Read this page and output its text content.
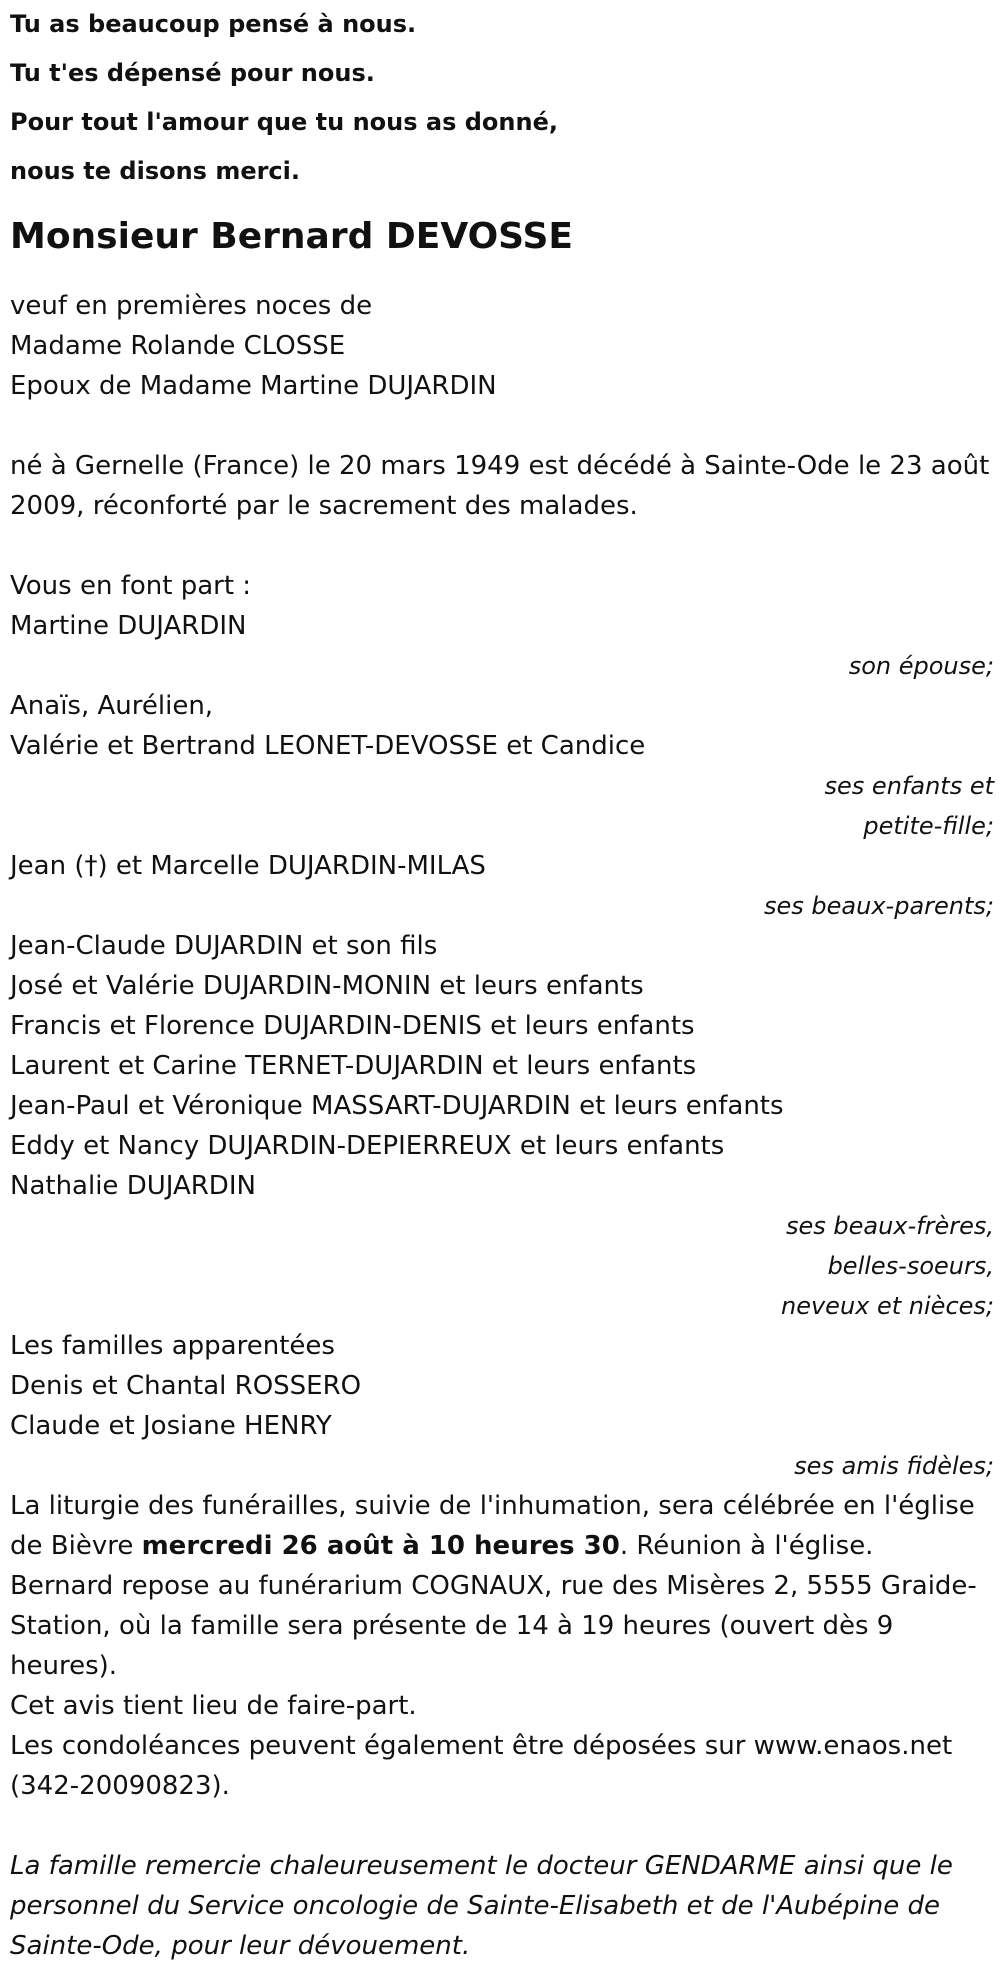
Tu as beaucoup pensé à nous.
Tu t'es dépensé pour nous.
Pour tout l'amour que tu nous as donné,
nous te disons merci.
Monsieur Bernard DEVOSSE
veuf en premières noces de
Madame Rolande CLOSSE
Epoux de Madame Martine DUJARDIN
né à Gernelle (France) le 20 mars 1949 est décédé à Sainte-Ode le 23 août 2009, réconforté par le sacrement des malades.
Vous en font part :
Martine DUJARDIN
son épouse;
Anaïs, Aurélien,
Valérie et Bertrand LEONET-DEVOSSE et Candice
ses enfants et
petite-fille;
Jean (†) et Marcelle DUJARDIN-MILAS
ses beaux-parents;
Jean-Claude DUJARDIN et son fils
José et Valérie DUJARDIN-MONIN et leurs enfants
Francis et Florence DUJARDIN-DENIS et leurs enfants
Laurent et Carine TERNET-DUJARDIN et leurs enfants
Jean-Paul et Véronique MASSART-DUJARDIN et leurs enfants
Eddy et Nancy DUJARDIN-DEPIERREUX et leurs enfants
Nathalie DUJARDIN
ses beaux-frères,
belles-soeurs,
neveux et nièces;
Les familles apparentées
Denis et Chantal ROSSERO
Claude et Josiane HENRY
ses amis fidèles;
La liturgie des funérailles, suivie de l'inhumation, sera célébrée en l'église de Bièvre mercredi 26 août à 10 heures 30. Réunion à l'église.
Bernard repose au funérarium COGNAUX, rue des Misères 2, 5555 Graide-Station, où la famille sera présente de 14 à 19 heures (ouvert dès 9 heures).
Cet avis tient lieu de faire-part.
Les condoléances peuvent également être déposées sur www.enaos.net (342-20090823).
La famille remercie chaleureusement le docteur GENDARME ainsi que le personnel du Service oncologie de Sainte-Elisabeth et de l'Aubépine de Sainte-Ode, pour leur dévouement.
